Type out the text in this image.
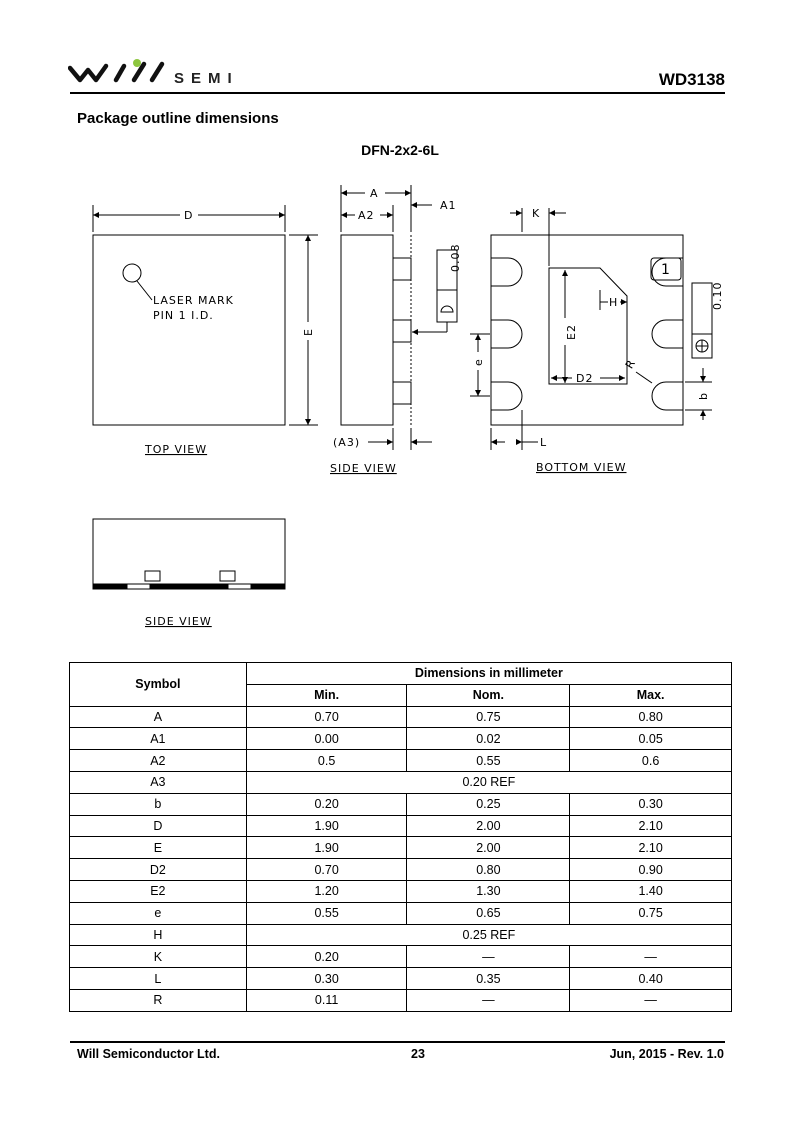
SEMI	WD3138
Package outline dimensions
DFN-2x2-6L
D
E
LASER MARK
PIN 1 I.D.
TOP VIEW
A
A2
A1
(A3)
0.08
SIDE VIEW
K
H
E2
D2
R
e
b
L
1
0.10
BOTTOM VIEW
SIDE VIEW
Symbol	Dimensions in millimeter		
	Min.	Nom.	Max.
A	0.70	0.75	0.80
A1	0.00	0.02	0.05
A2	0.5	0.55	0.6
A3	0.20 REF		
b	0.20	0.25	0.30
D	1.90	2.00	2.10
E	1.90	2.00	2.10
D2	0.70	0.80	0.90
E2	1.20	1.30	1.40
e	0.55	0.65	0.75
H	0.25 REF		
K	0.20	—	—
L	0.30	0.35	0.40
R	0.11	—	—
Will Semiconductor Ltd.	23	Jun, 2015 - Rev. 1.0
